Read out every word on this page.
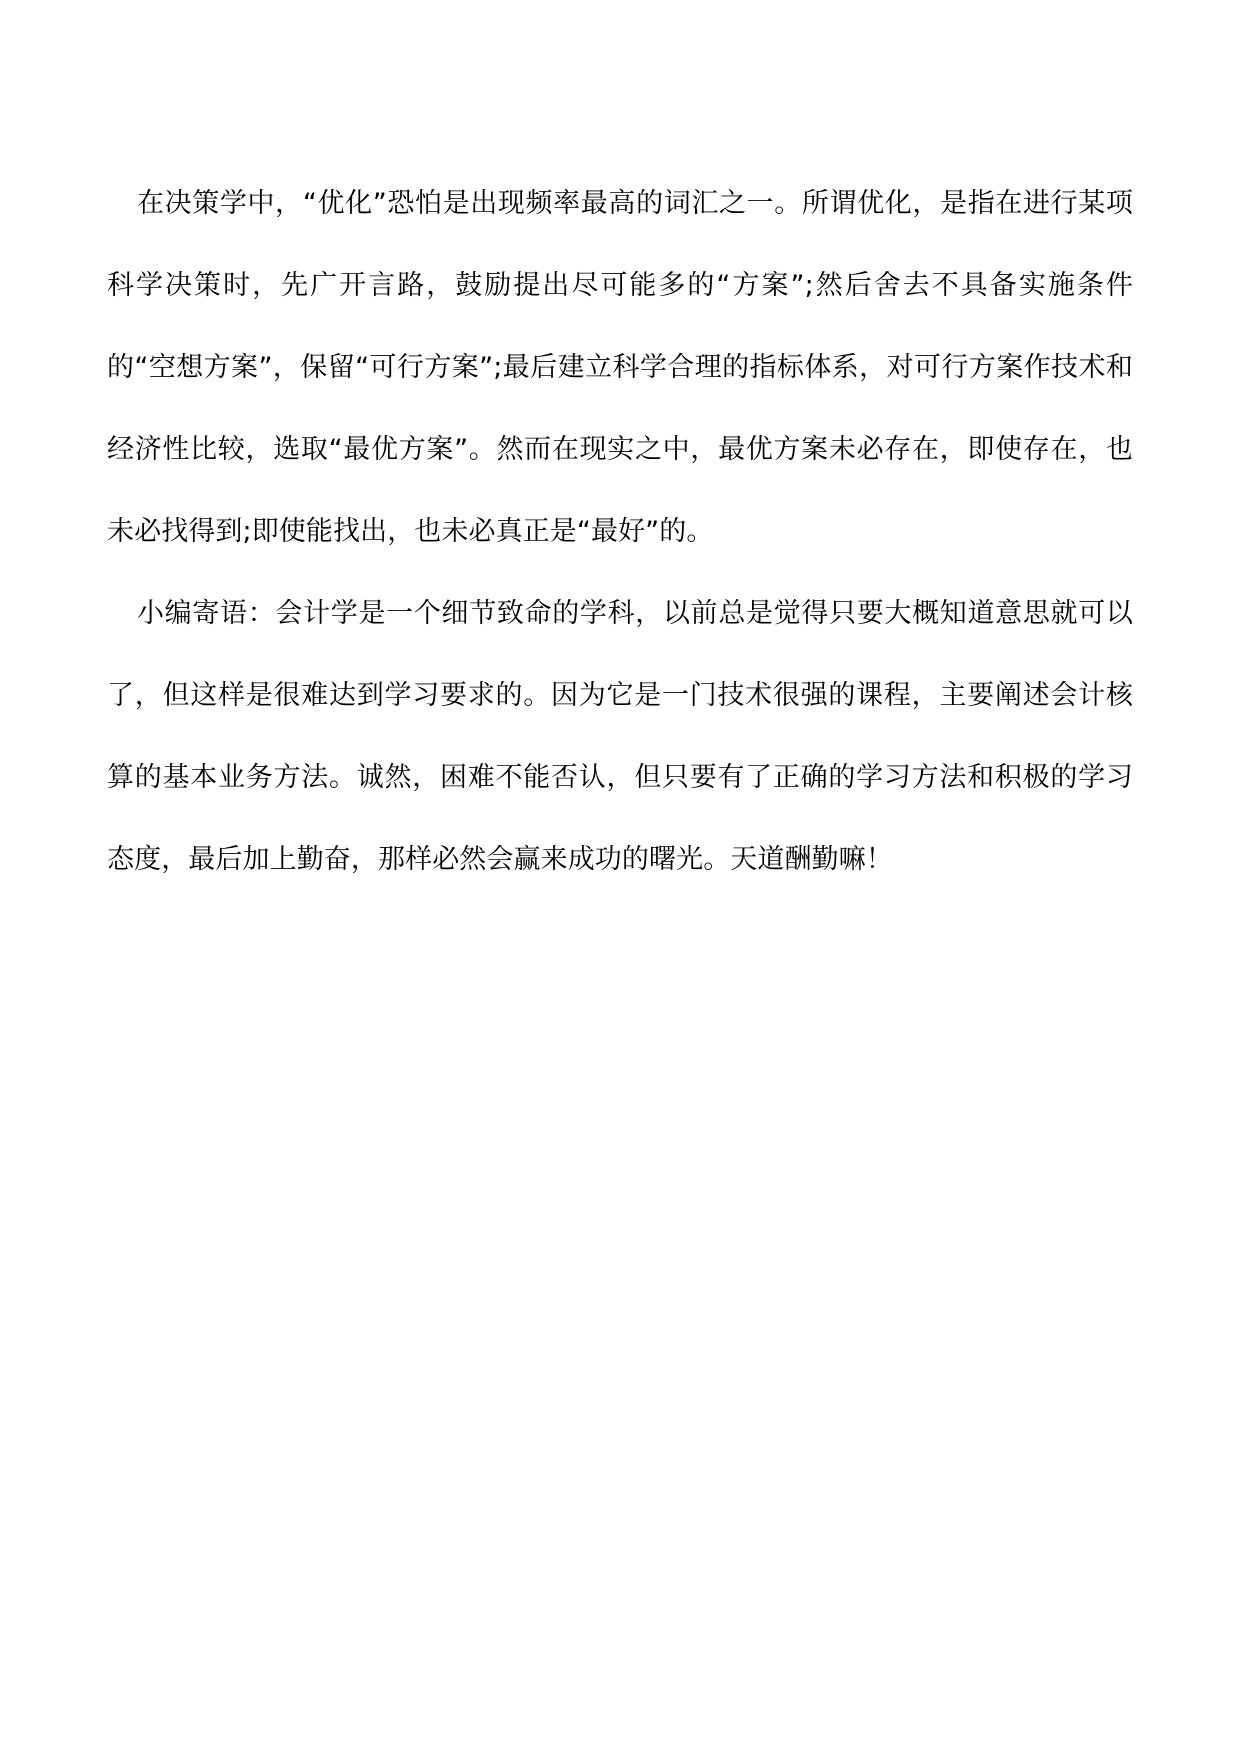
在决策学中，“优化”恐怕是出现频率最高的词汇之一。所谓优化，是指在进行某项科学决策时，先广开言路，鼓励提出尽可能多的“方案”;然后舍去不具备实施条件的“空想方案”，保留“可行方案”;最后建立科学合理的指标体系，对可行方案作技术和经济性比较，选取“最优方案”。然而在现实之中，最优方案未必存在，即使存在，也未必找得到;即使能找出，也未必真正是“最好”的。

小编寄语：会计学是一个细节致命的学科，以前总是觉得只要大概知道意思就可以了，但这样是很难达到学习要求的。因为它是一门技术很强的课程，主要阐述会计核算的基本业务方法。诚然，困难不能否认，但只要有了正确的学习方法和积极的学习态度，最后加上勤奋，那样必然会赢来成功的曙光。天道酬勤嘛！
